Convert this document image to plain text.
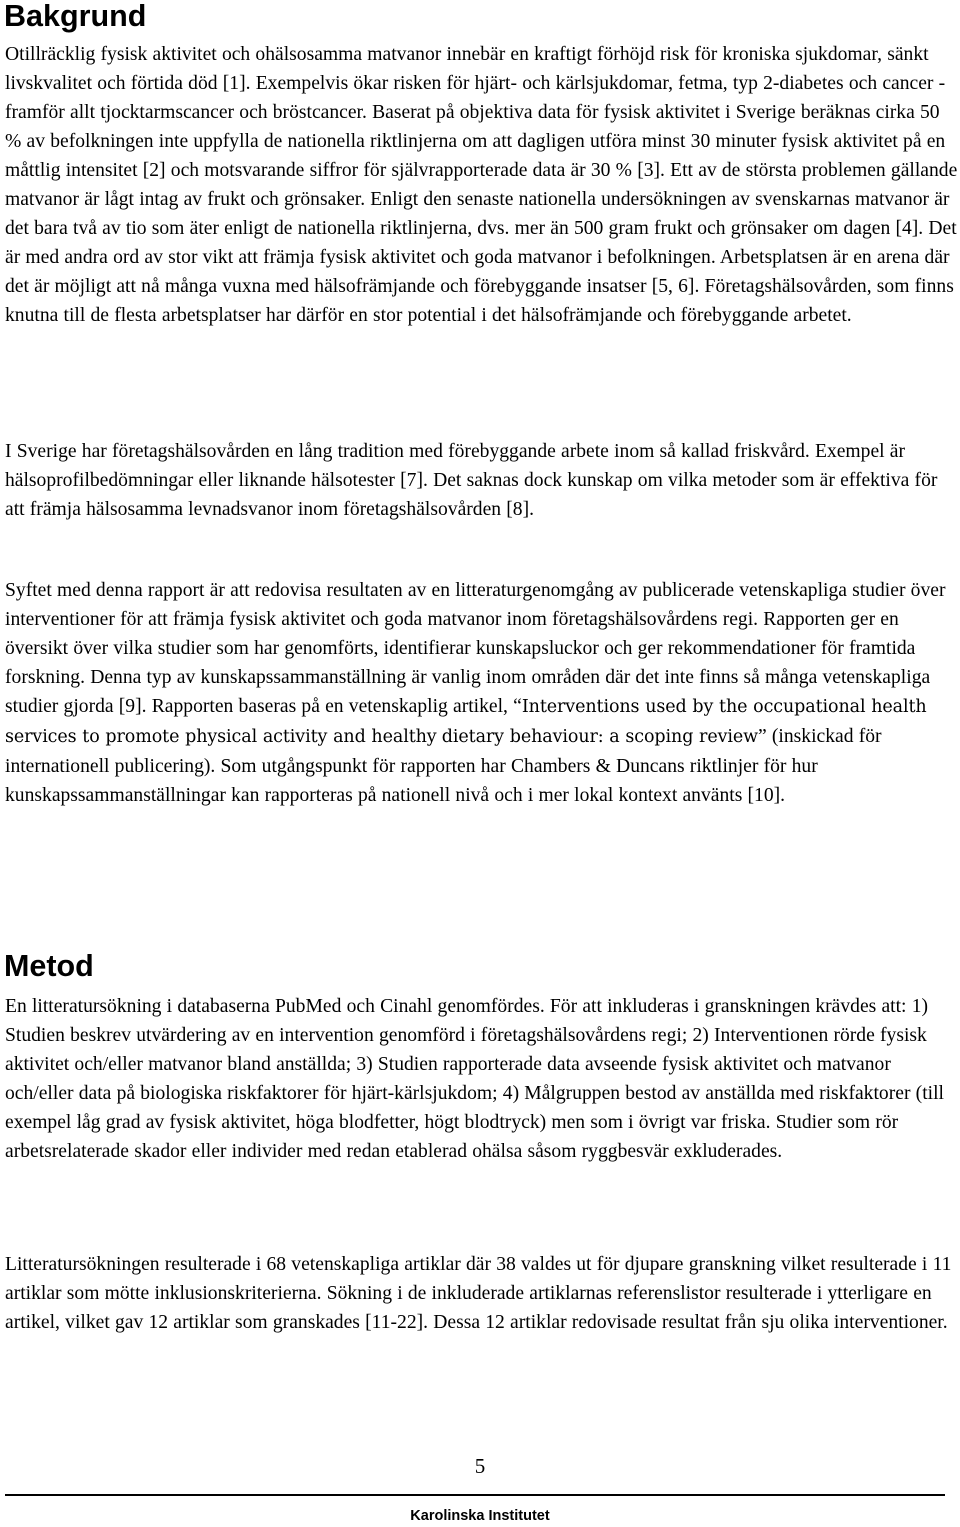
Bakgrund

Otillräcklig fysisk aktivitet och ohälsosamma matvanor innebär en kraftigt förhöjd risk för kroniska sjukdomar, sänkt livskvalitet och förtida död [1]. Exempelvis ökar risken för hjärt- och kärlsjukdomar, fetma, typ 2-diabetes och cancer - framför allt tjocktarmscancer och bröstcancer. Baserat på objektiva data för fysisk aktivitet i Sverige beräknas cirka 50 % av befolkningen inte uppfylla de nationella riktlinjerna om att dagligen utföra minst 30 minuter fysisk aktivitet på en måttlig intensitet [2] och motsvarande siffror för självrapporterade data är 30 % [3]. Ett av de största problemen gällande matvanor är lågt intag av frukt och grönsaker. Enligt den senaste nationella undersökningen av svenskarnas matvanor är det bara två av tio som äter enligt de nationella riktlinjerna, dvs. mer än 500 gram frukt och grönsaker om dagen [4]. Det är med andra ord av stor vikt att främja fysisk aktivitet och goda matvanor i befolkningen. Arbetsplatsen är en arena där det är möjligt att nå många vuxna med hälsofrämjande och förebyggande insatser [5, 6]. Företagshälsovården, som finns knutna till de flesta arbetsplatser har därför en stor potential i det hälsofrämjande och förebyggande arbetet.

I Sverige har företagshälsovården en lång tradition med förebyggande arbete inom så kallad friskvård. Exempel är hälsoprofilbedömningar eller liknande hälsotester [7]. Det saknas dock kunskap om vilka metoder som är effektiva för att främja hälsosamma levnadsvanor inom företagshälsovården [8].

Syftet med denna rapport är att redovisa resultaten av en litteraturgenomgång av publicerade vetenskapliga studier över interventioner för att främja fysisk aktivitet och goda matvanor inom företagshälsovårdens regi. Rapporten ger en översikt över vilka studier som har genomförts, identifierar kunskapsluckor och ger rekommendationer för framtida forskning. Denna typ av kunskapssammanställning är vanlig inom områden där det inte finns så många vetenskapliga studier gjorda [9]. Rapporten baseras på en vetenskaplig artikel, “Interventions used by the occupational health services to promote physical activity and healthy dietary behaviour: a scoping review” (inskickad för internationell publicering). Som utgångspunkt för rapporten har Chambers & Duncans riktlinjer för hur kunskapssammanställningar kan rapporteras på nationell nivå och i mer lokal kontext använts [10].

Metod

En litteratursökning i databaserna PubMed och Cinahl genomfördes. För att inkluderas i granskningen krävdes att: 1) Studien beskrev utvärdering av en intervention genomförd i företagshälsovårdens regi; 2) Interventionen rörde fysisk aktivitet och/eller matvanor bland anställda; 3) Studien rapporterade data avseende fysisk aktivitet och matvanor och/eller data på biologiska riskfaktorer för hjärt-kärlsjukdom; 4) Målgruppen bestod av anställda med riskfaktorer (till exempel låg grad av fysisk aktivitet, höga blodfetter, högt blodtryck) men som i övrigt var friska. Studier som rör arbetsrelaterade skador eller individer med redan etablerad ohälsa såsom ryggbesvär exkluderades.

Litteratursökningen resulterade i 68 vetenskapliga artiklar där 38 valdes ut för djupare granskning vilket resulterade i 11 artiklar som mötte inklusionskriterierna. Sökning i de inkluderade artiklarnas referenslistor resulterade i ytterligare en artikel, vilket gav 12 artiklar som granskades [11-22]. Dessa 12 artiklar redovisade resultat från sju olika interventioner.

5
Karolinska Institutet
